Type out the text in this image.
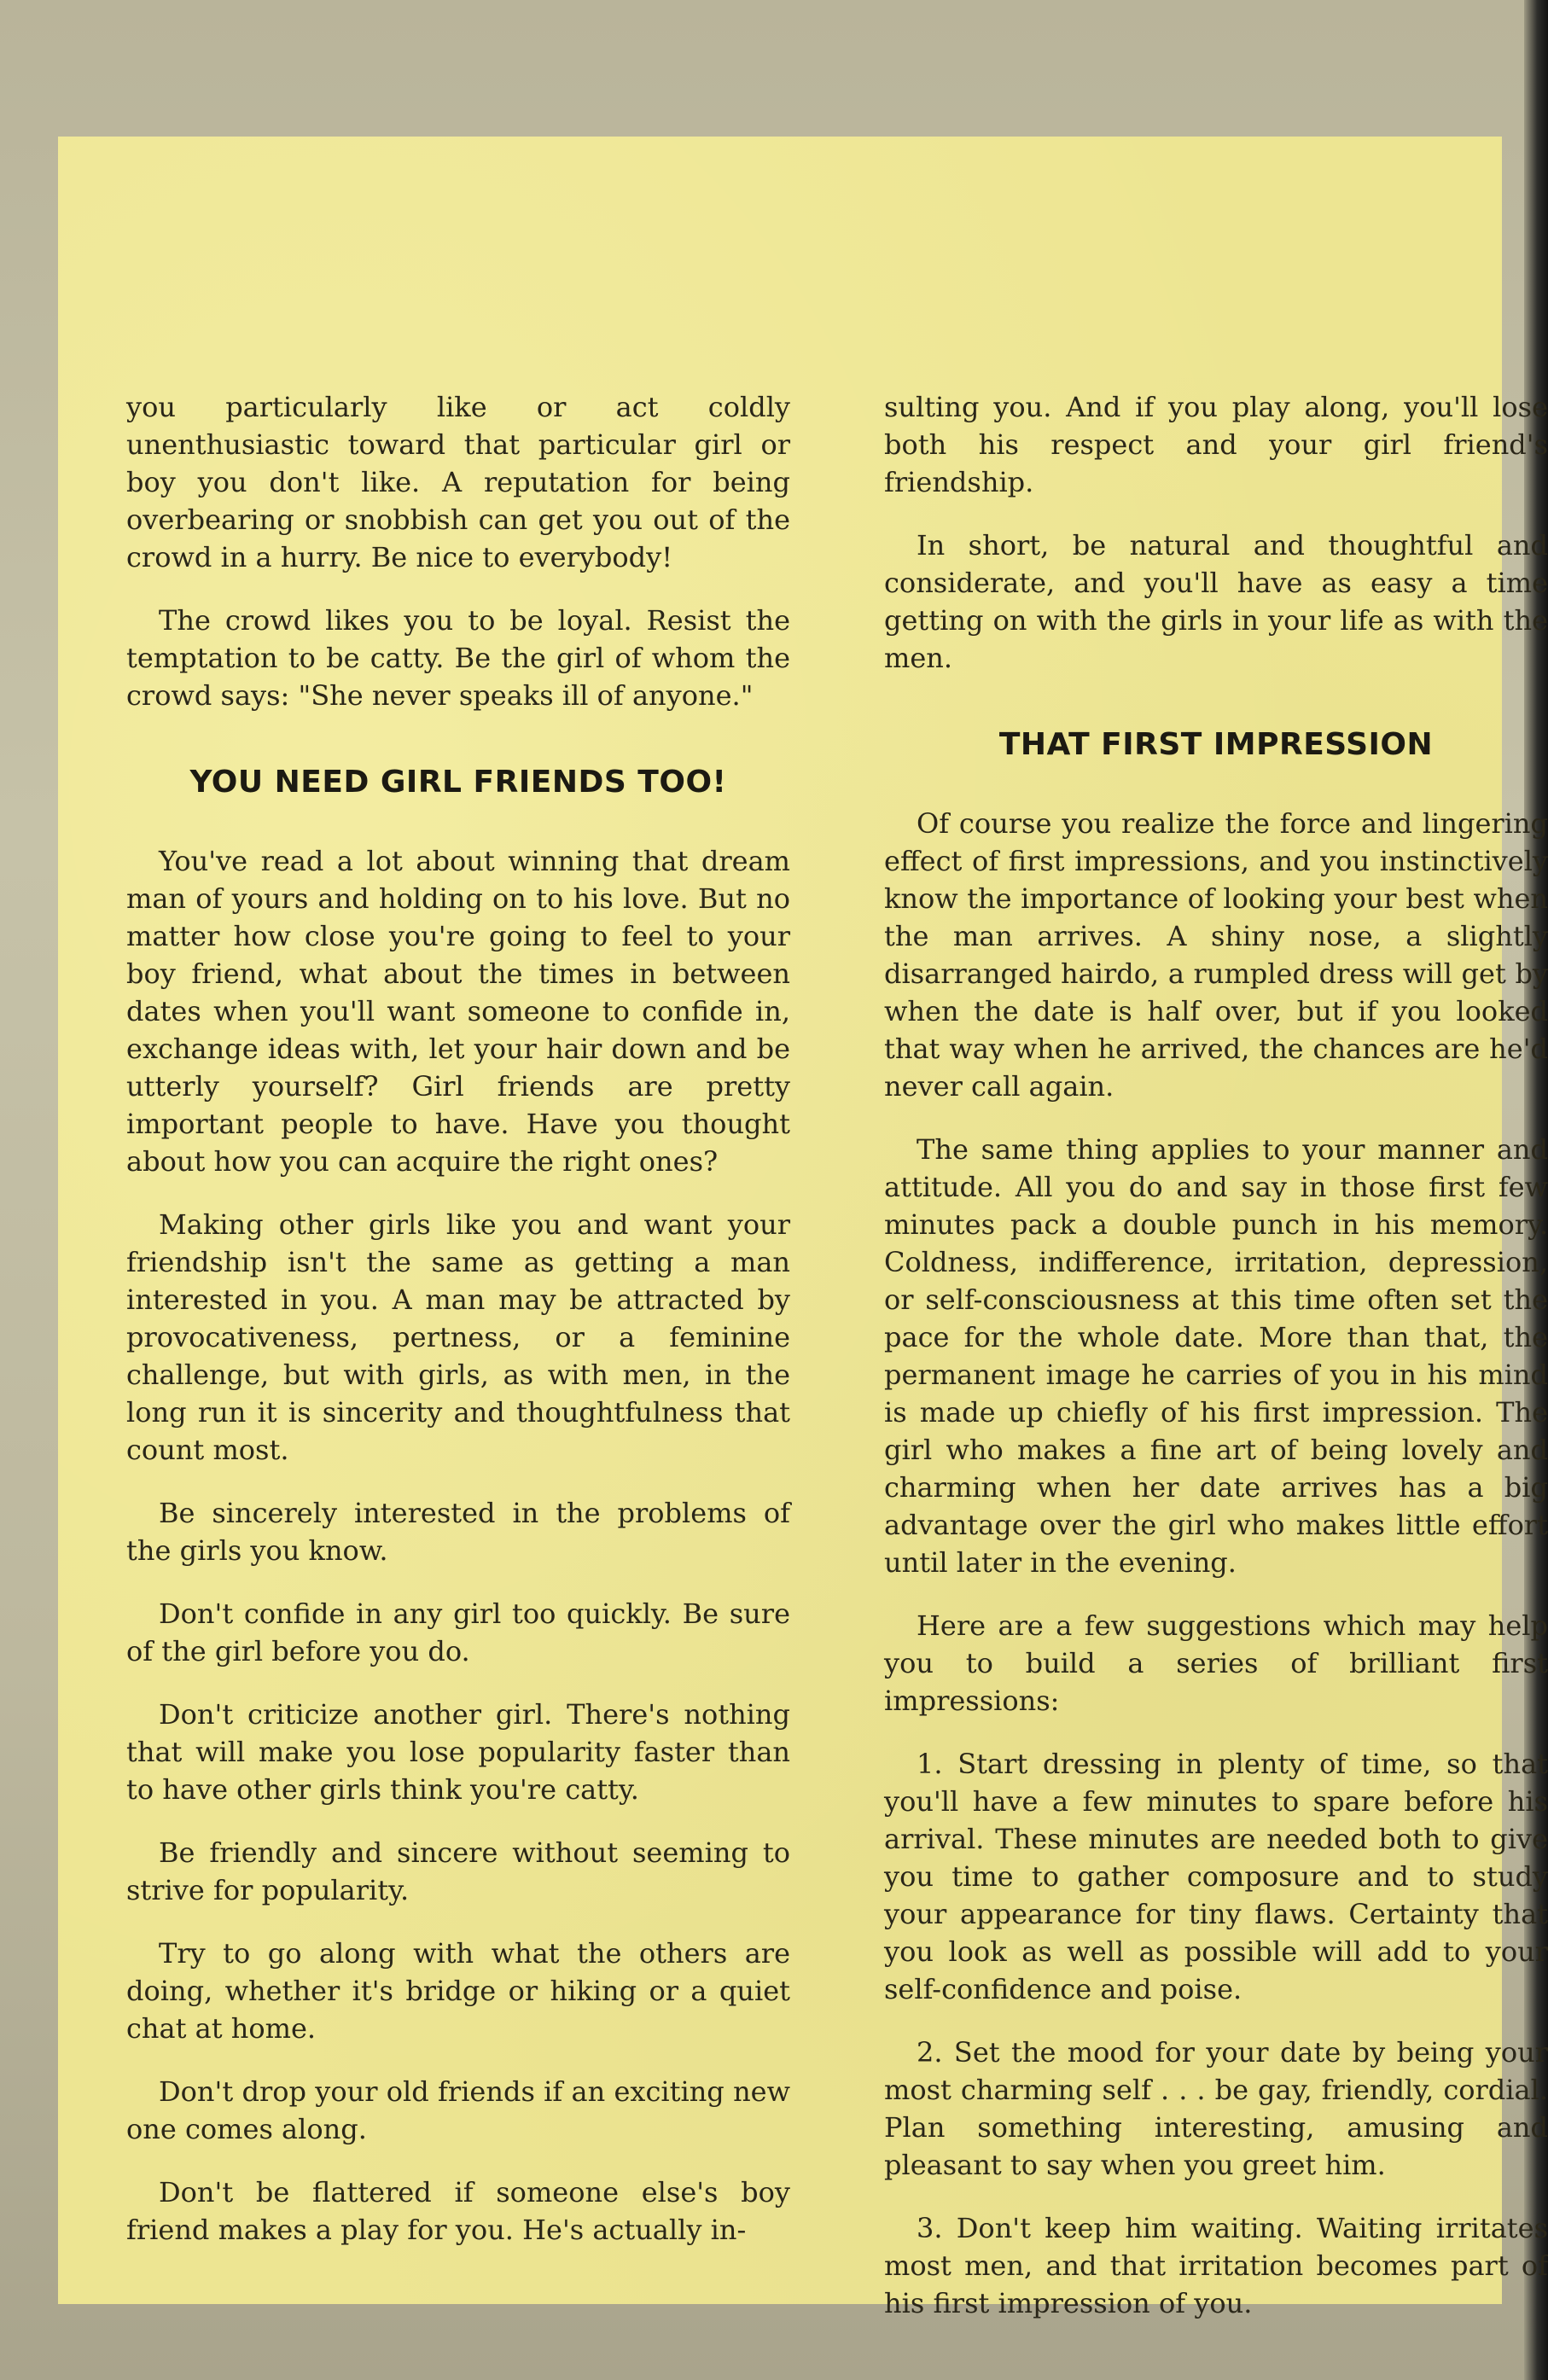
you particularly like or act coldly unenthusiastic toward that particular girl or boy you don't like. A reputation for being overbearing or snobbish can get you out of the crowd in a hurry. Be nice to everybody!

The crowd likes you to be loyal. Resist the temptation to be catty. Be the girl of whom the crowd says: "She never speaks ill of anyone."

YOU NEED GIRL FRIENDS TOO!

You've read a lot about winning that dream man of yours and holding on to his love. But no matter how close you're going to feel to your boy friend, what about the times in between dates when you'll want someone to confide in, exchange ideas with, let your hair down and be utterly yourself? Girl friends are pretty important people to have. Have you thought about how you can acquire the right ones?

Making other girls like you and want your friendship isn't the same as getting a man interested in you. A man may be attracted by provocativeness, pertness, or a feminine challenge, but with girls, as with men, in the long run it is sincerity and thoughtfulness that count most.

Be sincerely interested in the problems of the girls you know.

Don't confide in any girl too quickly. Be sure of the girl before you do.

Don't criticize another girl. There's nothing that will make you lose popularity faster than to have other girls think you're catty.

Be friendly and sincere without seeming to strive for popularity.

Try to go along with what the others are doing, whether it's bridge or hiking or a quiet chat at home.

Don't drop your old friends if an exciting new one comes along.

Don't be flattered if someone else's boy friend makes a play for you. He's actually in-

sulting you. And if you play along, you'll lose both his respect and your girl friend's friendship.

In short, be natural and thoughtful and considerate, and you'll have as easy a time getting on with the girls in your life as with the men.

THAT FIRST IMPRESSION

Of course you realize the force and lingering effect of first impressions, and you instinctively know the importance of looking your best when the man arrives. A shiny nose, a slightly disarranged hairdo, a rumpled dress will get by when the date is half over, but if you looked that way when he arrived, the chances are he'd never call again.

The same thing applies to your manner and attitude. All you do and say in those first few minutes pack a double punch in his memory. Coldness, indifference, irritation, depression, or self-consciousness at this time often set the pace for the whole date. More than that, the permanent image he carries of you in his mind is made up chiefly of his first impression. The girl who makes a fine art of being lovely and charming when her date arrives has a big advantage over the girl who makes little effort until later in the evening.

Here are a few suggestions which may help you to build a series of brilliant first impressions:

1. Start dressing in plenty of time, so that you'll have a few minutes to spare before his arrival. These minutes are needed both to give you time to gather composure and to study your appearance for tiny flaws. Certainty that you look as well as possible will add to your self-confidence and poise.

2. Set the mood for your date by being your most charming self . . . be gay, friendly, cordial. Plan something interesting, amusing and pleasant to say when you greet him.

3. Don't keep him waiting. Waiting irritates most men, and that irritation becomes part of his first impression of you.
